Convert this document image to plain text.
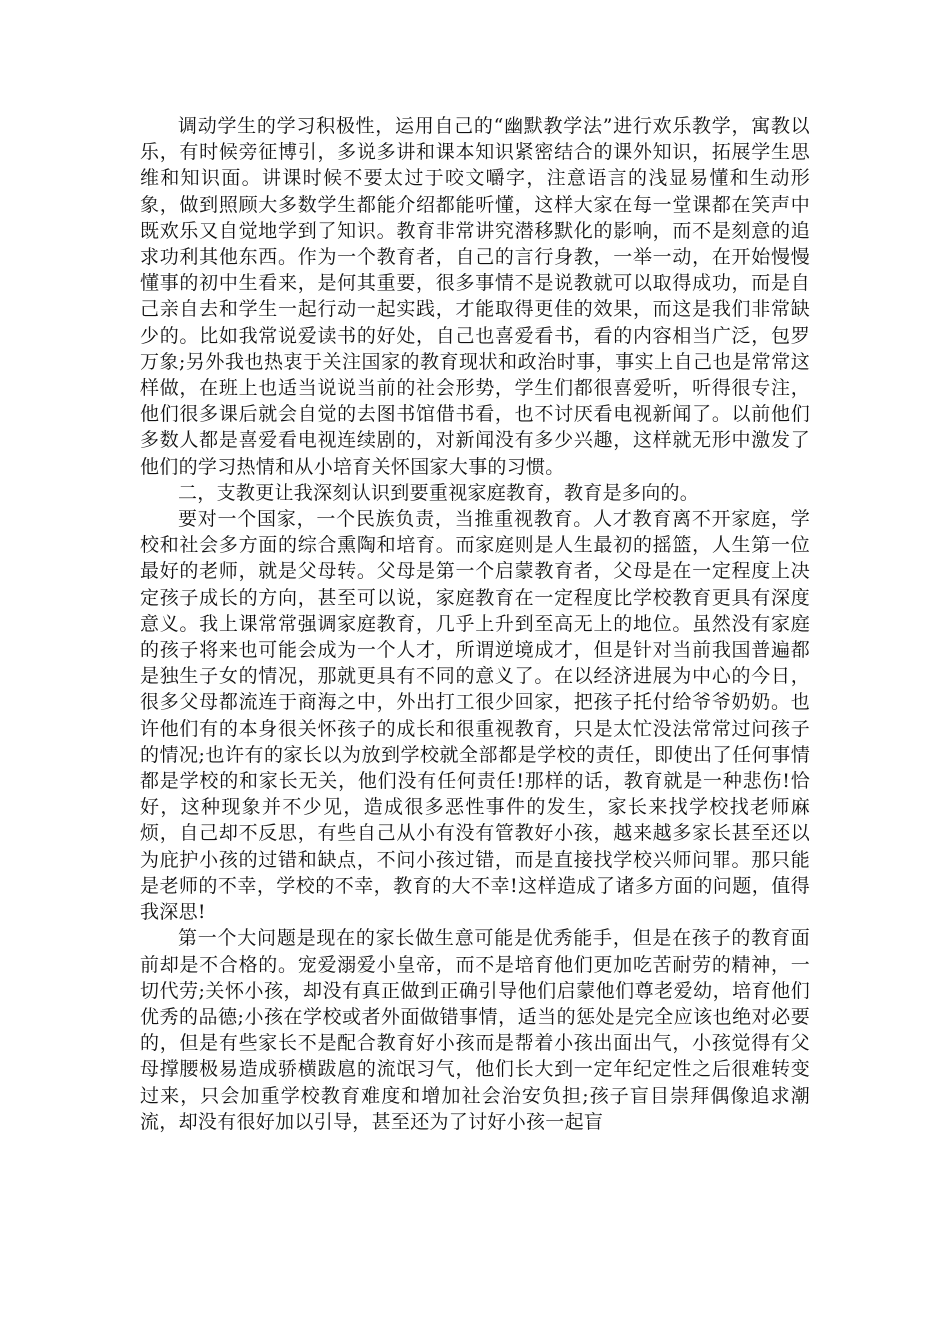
调动学生的学习积极性，运用自己的“幽默教学法”进行欢乐教学，寓教以乐，有时候旁征博引，多说多讲和课本知识紧密结合的课外知识，拓展学生思维和知识面。讲课时候不要太过于咬文嚼字，注意语言的浅显易懂和生动形象，做到照顾大多数学生都能介绍都能听懂，这样大家在每一堂课都在笑声中既欢乐又自觉地学到了知识。教育非常讲究潜移默化的影响，而不是刻意的追求功利其他东西。作为一个教育者，自己的言行身教，一举一动，在开始慢慢懂事的初中生看来，是何其重要，很多事情不是说教就可以取得成功，而是自己亲自去和学生一起行动一起实践，才能取得更佳的效果，而这是我们非常缺少的。比如我常说爱读书的好处，自己也喜爱看书，看的内容相当广泛，包罗万象;另外我也热衷于关注国家的教育现状和政治时事，事实上自己也是常常这样做，在班上也适当说说当前的社会形势，学生们都很喜爱听，听得很专注，他们很多课后就会自觉的去图书馆借书看，也不讨厌看电视新闻了。以前他们多数人都是喜爱看电视连续剧的，对新闻没有多少兴趣，这样就无形中激发了他们的学习热情和从小培育关怀国家大事的习惯。

二，支教更让我深刻认识到要重视家庭教育，教育是多向的。

要对一个国家，一个民族负责，当推重视教育。人才教育离不开家庭，学校和社会多方面的综合熏陶和培育。而家庭则是人生最初的摇篮，人生第一位最好的老师，就是父母转。父母是第一个启蒙教育者，父母是在一定程度上决定孩子成长的方向，甚至可以说，家庭教育在一定程度比学校教育更具有深度意义。我上课常常强调家庭教育，几乎上升到至高无上的地位。虽然没有家庭的孩子将来也可能会成为一个人才，所谓逆境成才，但是针对当前我国普遍都是独生子女的情况，那就更具有不同的意义了。在以经济进展为中心的今日，很多父母都流连于商海之中，外出打工很少回家，把孩子托付给爷爷奶奶。也许他们有的本身很关怀孩子的成长和很重视教育，只是太忙没法常常过问孩子的情况;也许有的家长以为放到学校就全部都是学校的责任，即使出了任何事情都是学校的和家长无关，他们没有任何责任!那样的话，教育就是一种悲伤!恰好，这种现象并不少见，造成很多恶性事件的发生，家长来找学校找老师麻烦，自己却不反思，有些自己从小有没有管教好小孩，越来越多家长甚至还以为庇护小孩的过错和缺点，不问小孩过错，而是直接找学校兴师问罪。那只能是老师的不幸，学校的不幸，教育的大不幸!这样造成了诸多方面的问题，值得我深思!

第一个大问题是现在的家长做生意可能是优秀能手，但是在孩子的教育面前却是不合格的。宠爱溺爱小皇帝，而不是培育他们更加吃苦耐劳的精神，一切代劳;关怀小孩，却没有真正做到正确引导他们启蒙他们尊老爱幼，培育他们优秀的品德;小孩在学校或者外面做错事情，适当的惩处是完全应该也绝对必要的，但是有些家长不是配合教育好小孩而是帮着小孩出面出气，小孩觉得有父母撑腰极易造成骄横跋扈的流氓习气，他们长大到一定年纪定性之后很难转变过来，只会加重学校教育难度和增加社会治安负担;孩子盲目崇拜偶像追求潮流，却没有很好加以引导，甚至还为了讨好小孩一起盲
